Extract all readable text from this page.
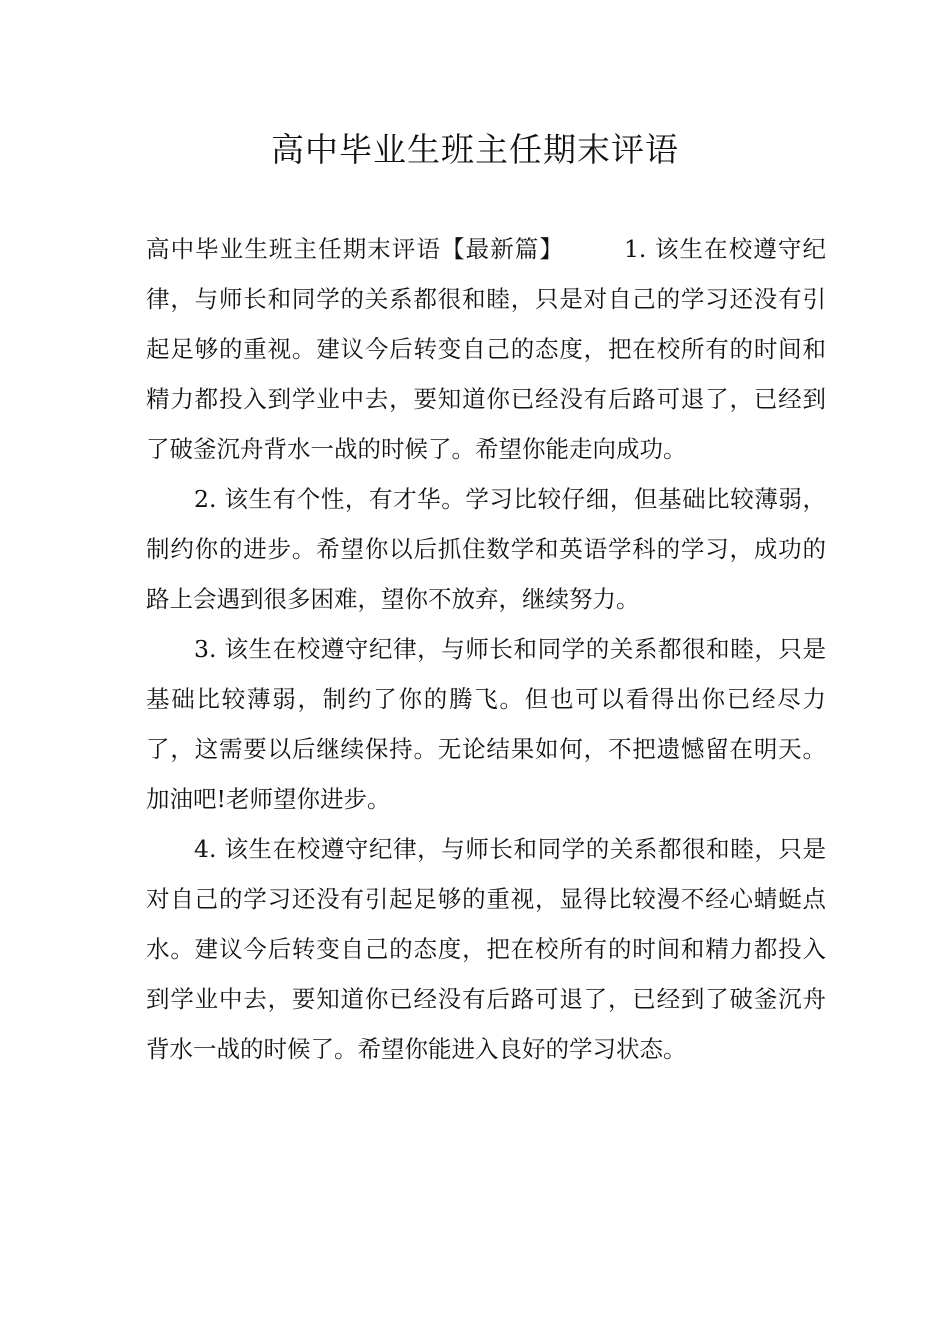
高中毕业生班主任期末评语

高中毕业生班主任期末评语【最新篇】	1. 该生在校遵守纪律，与师长和同学的关系都很和睦，只是对自己的学习还没有引起足够的重视。建议今后转变自己的态度，把在校所有的时间和精力都投入到学业中去，要知道你已经没有后路可退了，已经到了破釜沉舟背水一战的时候了。希望你能走向成功。

2. 该生有个性，有才华。学习比较仔细，但基础比较薄弱，制约你的进步。希望你以后抓住数学和英语学科的学习，成功的路上会遇到很多困难，望你不放弃，继续努力。

3. 该生在校遵守纪律，与师长和同学的关系都很和睦，只是基础比较薄弱，制约了你的腾飞。但也可以看得出你已经尽力了，这需要以后继续保持。无论结果如何，不把遗憾留在明天。加油吧!老师望你进步。

4. 该生在校遵守纪律，与师长和同学的关系都很和睦，只是对自己的学习还没有引起足够的重视，显得比较漫不经心蜻蜓点水。建议今后转变自己的态度，把在校所有的时间和精力都投入到学业中去，要知道你已经没有后路可退了，已经到了破釜沉舟背水一战的时候了。希望你能进入良好的学习状态。
